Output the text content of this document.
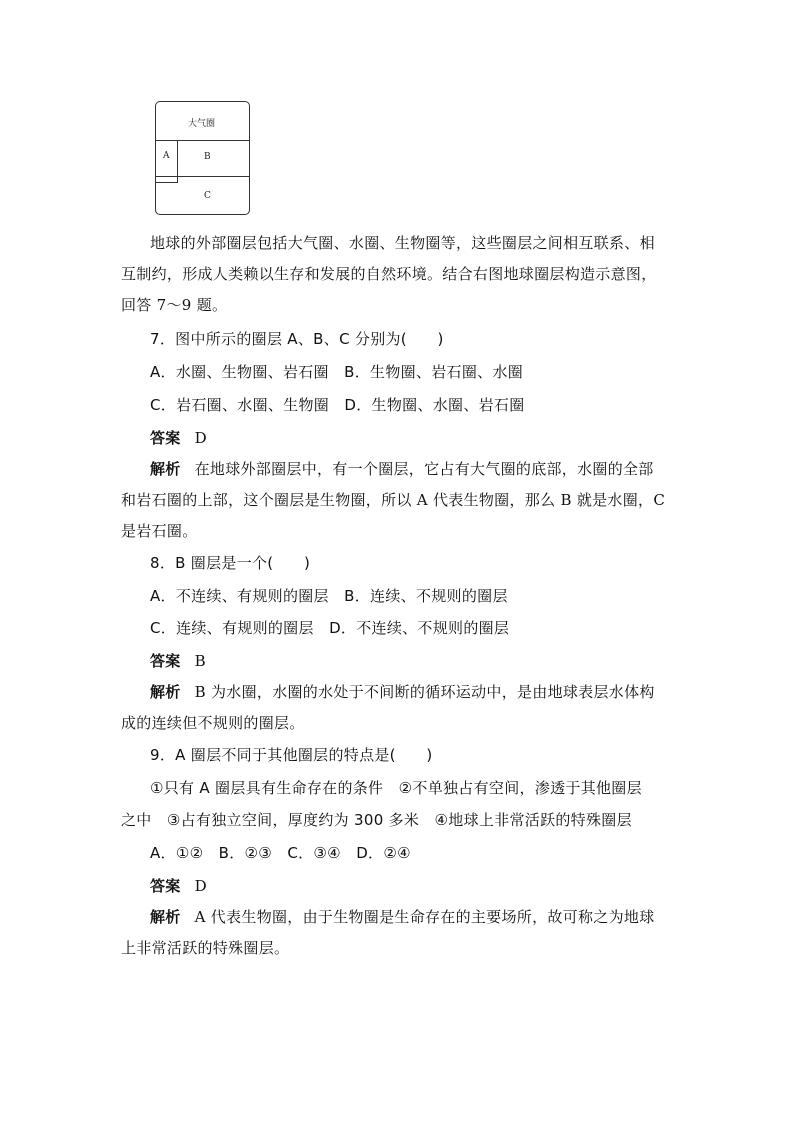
大气圈
A	B
C
地球的外部圈层包括大气圈、水圈、生物圈等，这些圈层之间相互联系、相
互制约，形成人类赖以生存和发展的自然环境。结合右图地球圈层构造示意图，
回答 7～9 题。
7．图中所示的圈层 A、B、C 分别为(　　)
A．水圈、生物圈、岩石圈　B．生物圈、岩石圈、水圈
C．岩石圈、水圈、生物圈　D．生物圈、水圈、岩石圈
答案 D
解析 在地球外部圈层中，有一个圈层，它占有大气圈的底部，水圈的全部
和岩石圈的上部，这个圈层是生物圈，所以 A 代表生物圈，那么 B 就是水圈，C
是岩石圈。
8．B 圈层是一个(　　)
A．不连续、有规则的圈层　B．连续、不规则的圈层
C．连续、有规则的圈层　D．不连续、不规则的圈层
答案 B
解析 B 为水圈，水圈的水处于不间断的循环运动中，是由地球表层水体构
成的连续但不规则的圈层。
9．A 圈层不同于其他圈层的特点是(　　)
①只有 A 圈层具有生命存在的条件　②不单独占有空间，渗透于其他圈层
之中　③占有独立空间，厚度约为 300 多米　④地球上非常活跃的特殊圈层
A．①②　B．②③　C．③④　D．②④
答案 D
解析 A 代表生物圈，由于生物圈是生命存在的主要场所，故可称之为地球
上非常活跃的特殊圈层。
